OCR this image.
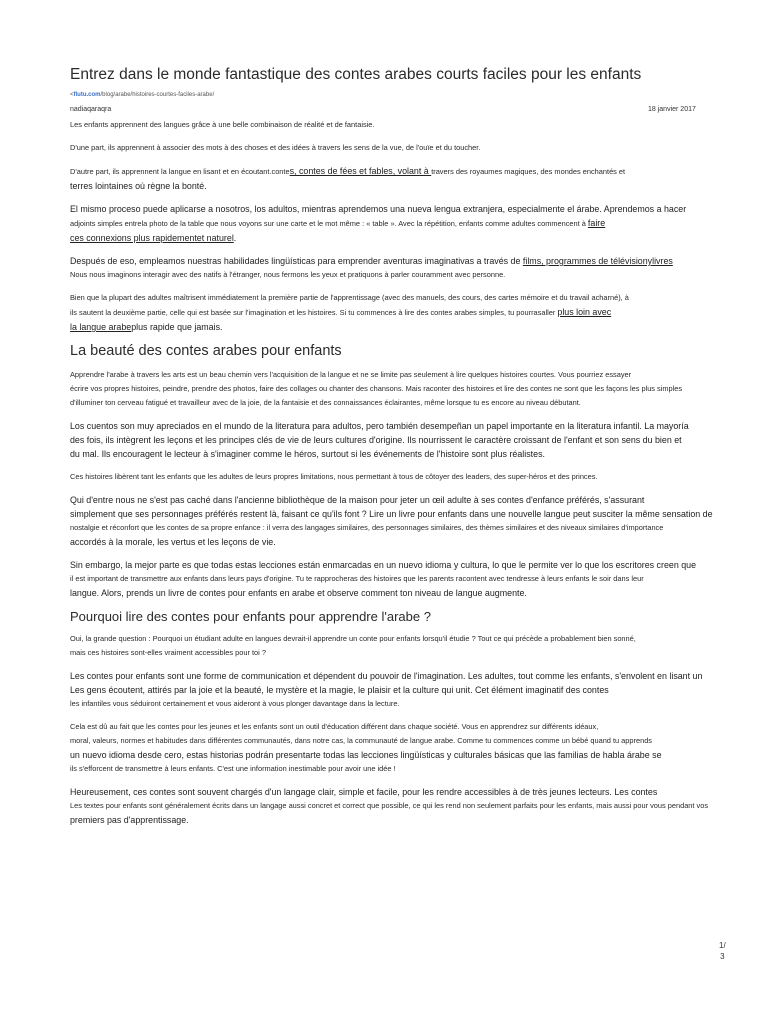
Entrez dans le monde fantastique des contes arabes courts faciles pour les enfants
<flutu.com/blog/arabe/histoires-courtes-faciles-arabe/
nadiaqaraqra	18 janvier 2017

Les enfants apprennent des langues grâce à une belle combinaison de réalité et de fantaisie.

D'une part, ils apprennent à associer des mots à des choses et des idées à travers les sens de la vue, de l'ouïe et du toucher.

D'autre part, ils apprennent la langue en lisant et en écoutant.contes, contes de fées et fables, volant à travers des royaumes magiques, des mondes enchantés et
terres lointaines où règne la bonté.

El mismo proceso puede aplicarse a nosotros, los adultos, mientras aprendemos una nueva lengua extranjera, especialmente el árabe. Aprendemos a hacer
adjoints simples entrela photo de la table que nous voyons sur une carte et le mot même : « table ». Avec la répétition, enfants comme adultes commencent à faire
ces connexions plus rapidementet naturel.

Después de eso, empleamos nuestras habilidades lingüísticas para emprender aventuras imaginativas a través de films, programmes de télévisionylivres
Nous nous imaginons interagir avec des natifs à l'étranger, nous fermons les yeux et pratiquons à parler couramment avec personne.

Bien que la plupart des adultes maîtrisent immédiatement la première partie de l'apprentissage (avec des manuels, des cours, des cartes mémoire et du travail acharné), à
ils sautent la deuxième partie, celle qui est basée sur l'imagination et les histoires. Si tu commences à lire des contes arabes simples, tu pourrasaller plus loin avec
la langue arabeplus rapide que jamais.

La beauté des contes arabes pour enfants

Apprendre l'arabe à travers les arts est un beau chemin vers l'acquisition de la langue et ne se limite pas seulement à lire quelques histoires courtes. Vous pourriez essayer
écrire vos propres histoires, peindre, prendre des photos, faire des collages ou chanter des chansons. Mais raconter des histoires et lire des contes ne sont que les façons les plus simples
d'illuminer ton cerveau fatigué et travailleur avec de la joie, de la fantaisie et des connaissances éclairantes, même lorsque tu es encore au niveau débutant.

Los cuentos son muy apreciados en el mundo de la literatura para adultos, pero también desempeñan un papel importante en la literatura infantil. La mayoría
des fois, ils intègrent les leçons et les principes clés de vie de leurs cultures d'origine. Ils nourrissent le caractère croissant de l'enfant et son sens du bien et
du mal. Ils encouragent le lecteur à s'imaginer comme le héros, surtout si les événements de l'histoire sont plus réalistes.

Ces histoires libèrent tant les enfants que les adultes de leurs propres limitations, nous permettant à tous de côtoyer des leaders, des super-héros et des princes.

Qui d'entre nous ne s'est pas caché dans l'ancienne bibliothèque de la maison pour jeter un œil adulte à ses contes d'enfance préférés, s'assurant
simplement que ses personnages préférés restent là, faisant ce qu'ils font ? Lire un livre pour enfants dans une nouvelle langue peut susciter la même sensation de
nostalgie et réconfort que les contes de sa propre enfance : il verra des langages similaires, des personnages similaires, des thèmes similaires et des niveaux similaires d'importance
accordés à la morale, les vertus et les leçons de vie.

Sin embargo, la mejor parte es que todas estas lecciones están enmarcadas en un nuevo idioma y cultura, lo que le permite ver lo que los escritores creen que
il est important de transmettre aux enfants dans leurs pays d'origine. Tu te rapprocheras des histoires que les parents racontent avec tendresse à leurs enfants le soir dans leur
langue. Alors, prends un livre de contes pour enfants en arabe et observe comment ton niveau de langue augmente.

Pourquoi lire des contes pour enfants pour apprendre l'arabe ?

Oui, la grande question : Pourquoi un étudiant adulte en langues devrait-il apprendre un conte pour enfants lorsqu'il étudie ? Tout ce qui précède a probablement bien sonné,
mais ces histoires sont-elles vraiment accessibles pour toi ?

Les contes pour enfants sont une forme de communication et dépendent du pouvoir de l'imagination. Les adultes, tout comme les enfants, s'envolent en lisant un
Les gens écoutent, attirés par la joie et la beauté, le mystère et la magie, le plaisir et la culture qui unit. Cet élément imaginatif des contes
les infantiles vous séduiront certainement et vous aideront à vous plonger davantage dans la lecture.

Cela est dû au fait que les contes pour les jeunes et les enfants sont un outil d'éducation différent dans chaque société. Vous en apprendrez sur différents idéaux,
moral, valeurs, normes et habitudes dans différentes communautés, dans notre cas, la communauté de langue arabe. Comme tu commences comme un bébé quand tu apprends
un nuevo idioma desde cero, estas historias podrán presentarte todas las lecciones lingüísticas y culturales básicas que las familias de habla árabe se
ils s'efforcent de transmettre à leurs enfants. C'est une information inestimable pour avoir une idée !

Heureusement, ces contes sont souvent chargés d'un langage clair, simple et facile, pour les rendre accessibles à de très jeunes lecteurs. Les contes
Les textes pour enfants sont généralement écrits dans un langage aussi concret et correct que possible, ce qui les rend non seulement parfaits pour les enfants, mais aussi pour vous pendant vos
premiers pas d'apprentissage.

1/
3
